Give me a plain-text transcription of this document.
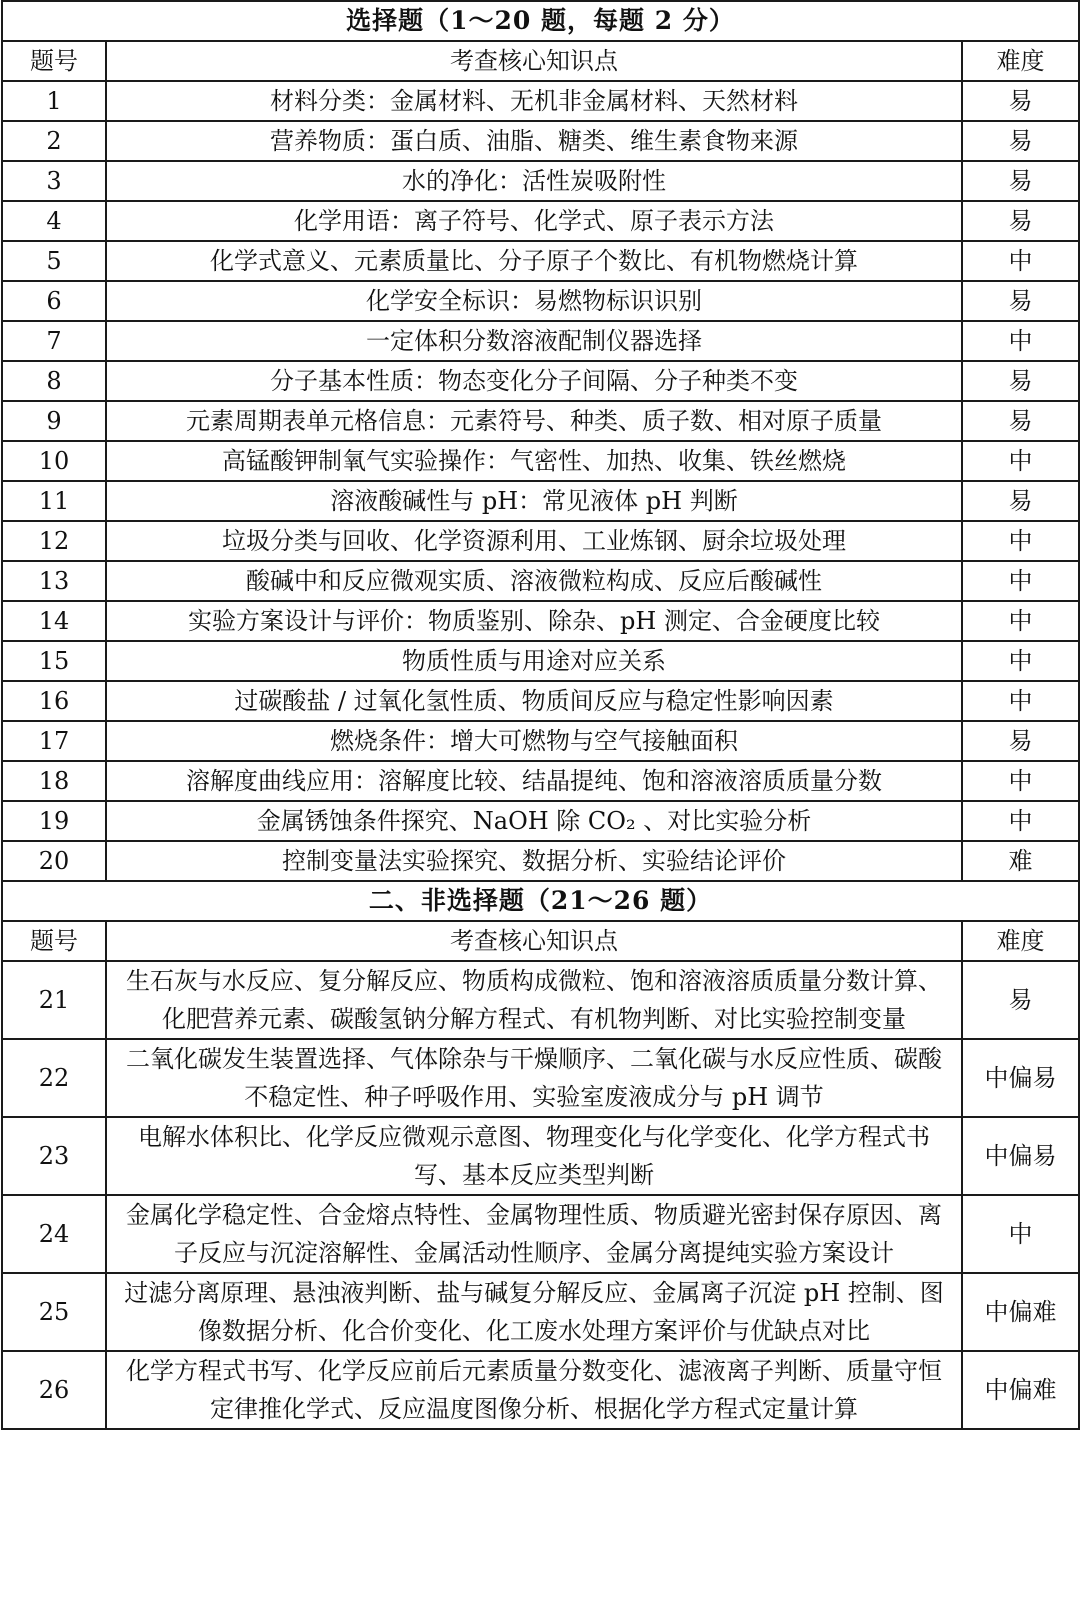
选择题（1～20 题，每题 2 分）		
题号	考查核心知识点	难度
1	材料分类：金属材料、无机非金属材料、天然材料	易
2	营养物质：蛋白质、油脂、糖类、维生素食物来源	易
3	水的净化：活性炭吸附性	易
4	化学用语：离子符号、化学式、原子表示方法	易
5	化学式意义、元素质量比、分子原子个数比、有机物燃烧计算	中
6	化学安全标识：易燃物标识识别	易
7	一定体积分数溶液配制仪器选择	中
8	分子基本性质：物态变化分子间隔、分子种类不变	易
9	元素周期表单元格信息：元素符号、种类、质子数、相对原子质量	易
10	高锰酸钾制氧气实验操作：气密性、加热、收集、铁丝燃烧	中
11	溶液酸碱性与 pH：常见液体 pH 判断	易
12	垃圾分类与回收、化学资源利用、工业炼钢、厨余垃圾处理	中
13	酸碱中和反应微观实质、溶液微粒构成、反应后酸碱性	中
14	实验方案设计与评价：物质鉴别、除杂、pH 测定、合金硬度比较	中
15	物质性质与用途对应关系	中
16	过碳酸盐 / 过氧化氢性质、物质间反应与稳定性影响因素	中
17	燃烧条件：增大可燃物与空气接触面积	易
18	溶解度曲线应用：溶解度比较、结晶提纯、饱和溶液溶质质量分数	中
19	金属锈蚀条件探究、NaOH 除 CO₂ 、对比实验分析	中
20	控制变量法实验探究、数据分析、实验结论评价	难
二、非选择题（21～26 题）		
题号	考查核心知识点	难度
21	生石灰与水反应、复分解反应、物质构成微粒、饱和溶液溶质质量分数计算、化肥营养元素、碳酸氢钠分解方程式、有机物判断、对比实验控制变量	易
22	二氧化碳发生装置选择、气体除杂与干燥顺序、二氧化碳与水反应性质、碳酸不稳定性、种子呼吸作用、实验室废液成分与 pH 调节	中偏易
23	电解水体积比、化学反应微观示意图、物理变化与化学变化、化学方程式书写、基本反应类型判断	中偏易
24	金属化学稳定性、合金熔点特性、金属物理性质、物质避光密封保存原因、离子反应与沉淀溶解性、金属活动性顺序、金属分离提纯实验方案设计	中
25	过滤分离原理、悬浊液判断、盐与碱复分解反应、金属离子沉淀 pH 控制、图像数据分析、化合价变化、化工废水处理方案评价与优缺点对比	中偏难
26	化学方程式书写、化学反应前后元素质量分数变化、滤液离子判断、质量守恒定律推化学式、反应温度图像分析、根据化学方程式定量计算	中偏难
